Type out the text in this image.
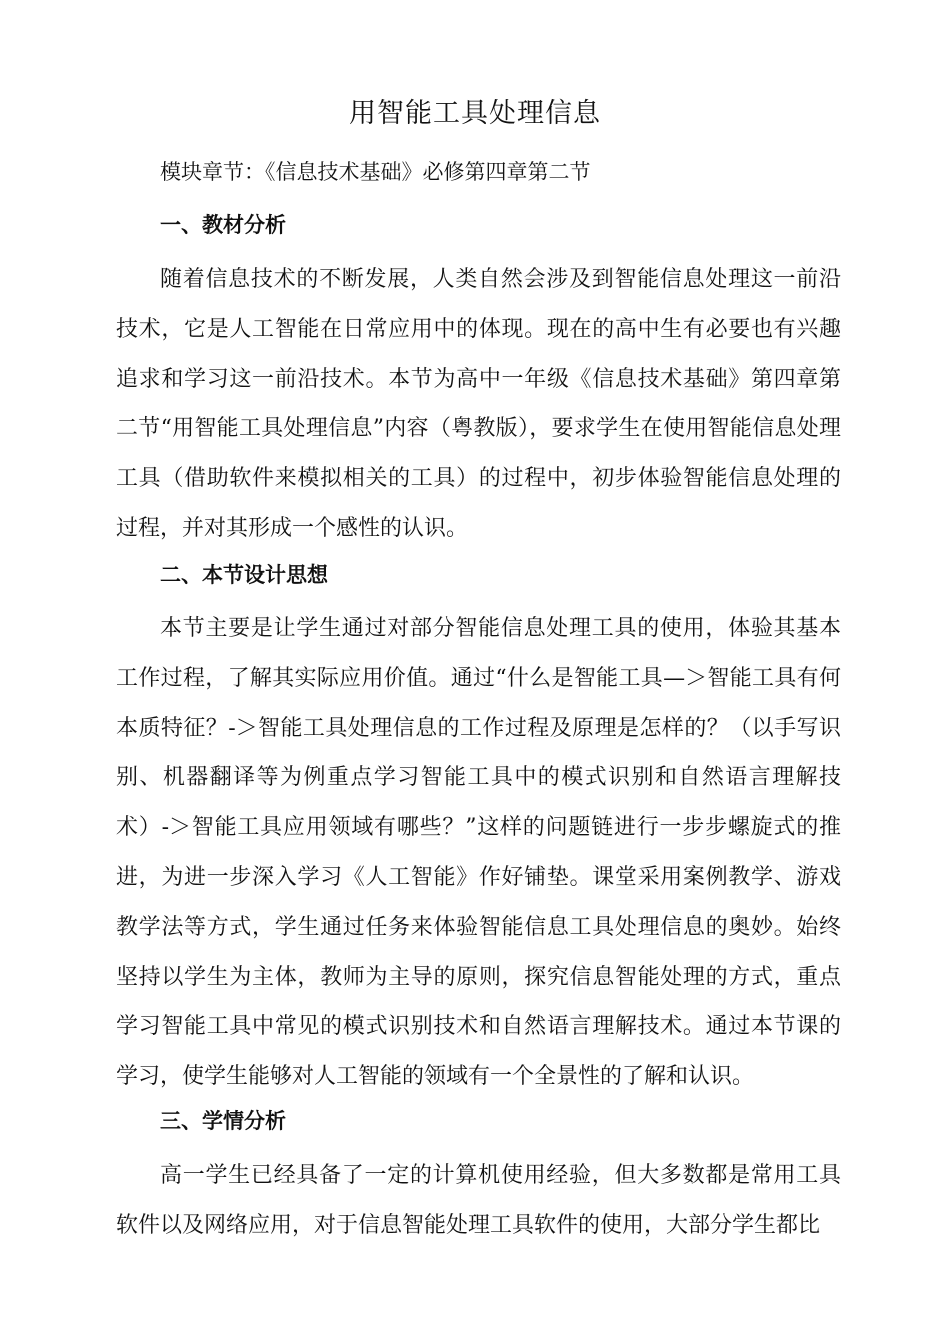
用智能工具处理信息
模块章节：《信息技术基础》必修第四章第二节
一、教材分析

随着信息技术的不断发展，人类自然会涉及到智能信息处理这一前沿技术，它是人工智能在日常应用中的体现。现在的高中生有必要也有兴趣追求和学习这一前沿技术。本节为高中一年级《信息技术基础》第四章第二节“用智能工具处理信息”内容（粤教版），要求学生在使用智能信息处理工具（借助软件来模拟相关的工具）的过程中，初步体验智能信息处理的过程，并对其形成一个感性的认识。

二、本节设计思想

本节主要是让学生通过对部分智能信息处理工具的使用，体验其基本工作过程，了解其实际应用价值。通过“什么是智能工具—＞智能工具有何本质特征？-＞智能工具处理信息的工作过程及原理是怎样的？（以手写识别、机器翻译等为例重点学习智能工具中的模式识别和自然语言理解技术）-＞智能工具应用领域有哪些？”这样的问题链进行一步步螺旋式的推进，为进一步深入学习《人工智能》作好铺垫。课堂采用案例教学、游戏教学法等方式，学生通过任务来体验智能信息工具处理信息的奥妙。始终坚持以学生为主体，教师为主导的原则，探究信息智能处理的方式，重点学习智能工具中常见的模式识别技术和自然语言理解技术。通过本节课的学习，使学生能够对人工智能的领域有一个全景性的了解和认识。

三、学情分析

高一学生已经具备了一定的计算机使用经验，但大多数都是常用工具软件以及网络应用，对于信息智能处理工具软件的使用，大部分学生都比
